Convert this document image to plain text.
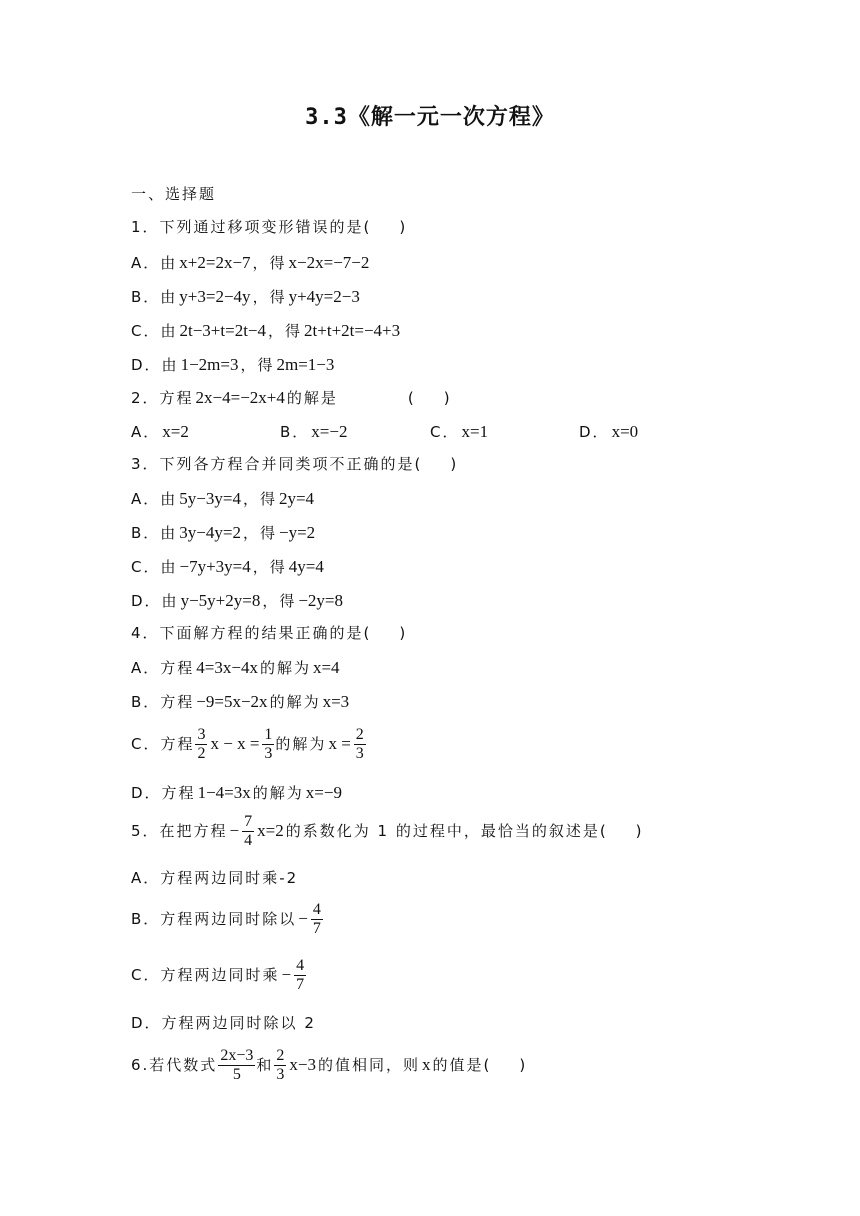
3.3《解一元一次方程》
一、选择题
1．下列通过移项变形错误的是( )
A．由 x+2=2x−7 ，得 x−2x=−7−2
B．由 y+3=2−4y ，得 y+4y=2−3
C．由 2t−3+t=2t−4 ，得 2t+t+2t=−4+3
D．由 1−2m=3 ，得 2m=1−3
2．方程 2x−4=−2x+4 的解是	( )
A． x=2	B． x=−2	C． x=1	D． x=0
3．下列各方程合并同类项不正确的是( )
A．由 5y−3y=4 ，得 2y=4
B．由 3y−4y=2 ，得 −y=2
C．由 −7y+3y=4 ，得 4y=4
D．由 y−5y+2y=8 ，得 −2y=8
4．下面解方程的结果正确的是( )
A．方程 4=3x−4x 的解为 x=4
B．方程 −9=5x−2x 的解为 x=3
C．方程 $\frac{3}{2}$ $x - x = \frac{1}{3}$ 的解为 $x = \frac{2}{3}$
D．方程 1−4=3x 的解为 x=−9
5．在把方程 − $\frac{7}{4} x=2$ 的系数化为 1 的过程中，最恰当的叙述是( )
A．方程两边同时乘-2
B．方程两边同时除以 − $\frac{4}{7}$
C．方程两边同时乘 − $\frac{4}{7}$
D．方程两边同时除以 2
6.若代数式 $\frac{2x-3}{5}$ 和 $\frac{2}{3} x-3$ 的值相同，则 x 的值是( )
